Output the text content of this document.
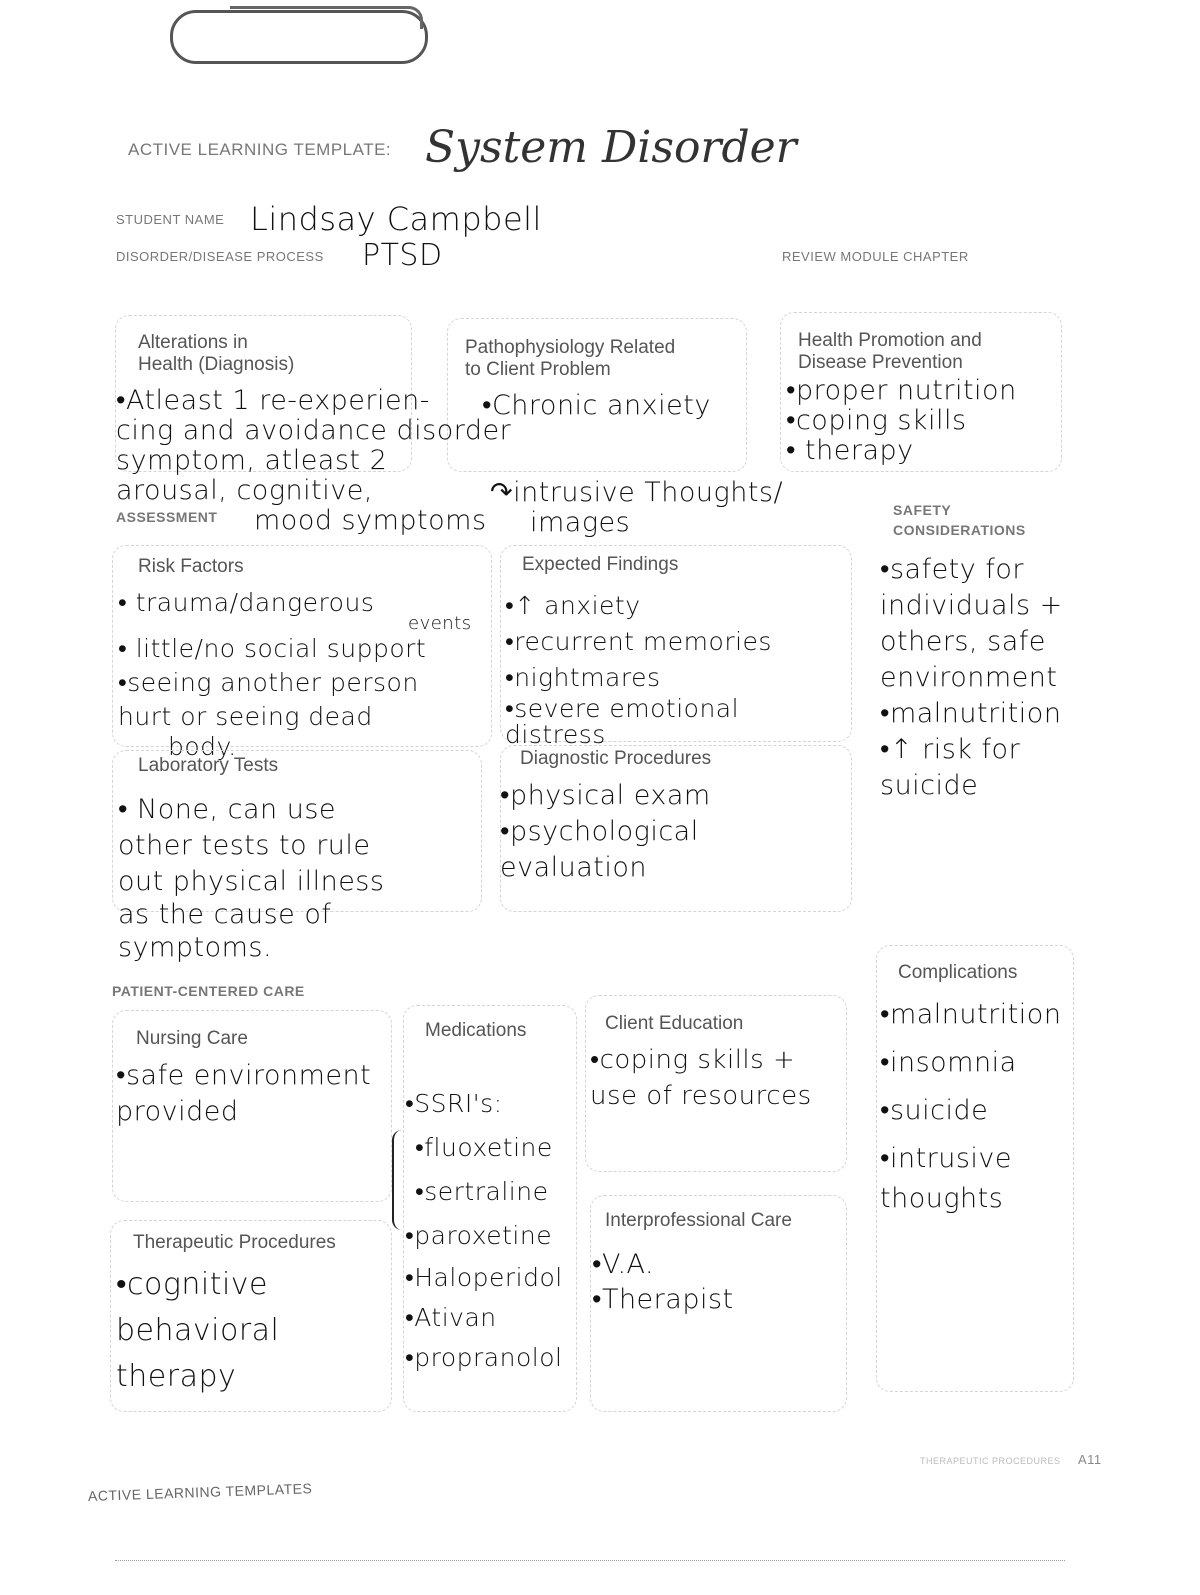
ACTIVE LEARNING TEMPLATE: System Disorder
STUDENT NAME Lindsay Campbell
DISORDER/DISEASE PROCESS PTSD	REVIEW MODULE CHAPTER
Alterations in
Health (Diagnosis)
Pathophysiology Related
to Client Problem
Health Promotion and
Disease Prevention
•Atleast 1 re-experien-
cing and avoidance disorder
symptom, atleast 2
arousal, cognitive,
mood symptoms
•Chronic anxiety	•proper nutrition
•coping skills
• therapy
↷intrusive Thoughts/
images
ASSESSMENT	SAFETY
CONSIDERATIONS
•safety for
individuals +
others, safe
environment
•malnutrition
•↑ risk for
suicide
Risk Factors
• trauma/dangerous
events
• little/no social support
•seeing another person
hurt or seeing dead
body.
Expected Findings
•↑ anxiety
•recurrent memories
•nightmares
•severe emotional
distress
Laboratory Tests
• None, can use
other tests to rule
out physical illness
as the cause of
symptoms.
Diagnostic Procedures
•physical exam
•psychological
evaluation
PATIENT-CENTERED CARE
Nursing Care
•safe environment
provided
Medications
•SSRI's:
•fluoxetine
•sertraline
•paroxetine
•Haloperidol
•Ativan
•propranolol
Client Education
•coping skills +
use of resources
Interprofessional Care
•V.A.
•Therapist
Therapeutic Procedures
•cognitive
behavioral
therapy
Complications
•malnutrition
•insomnia
•suicide
•intrusive
thoughts
THERAPEUTIC PROCEDURES A11
ACTIVE LEARNING TEMPLATES
